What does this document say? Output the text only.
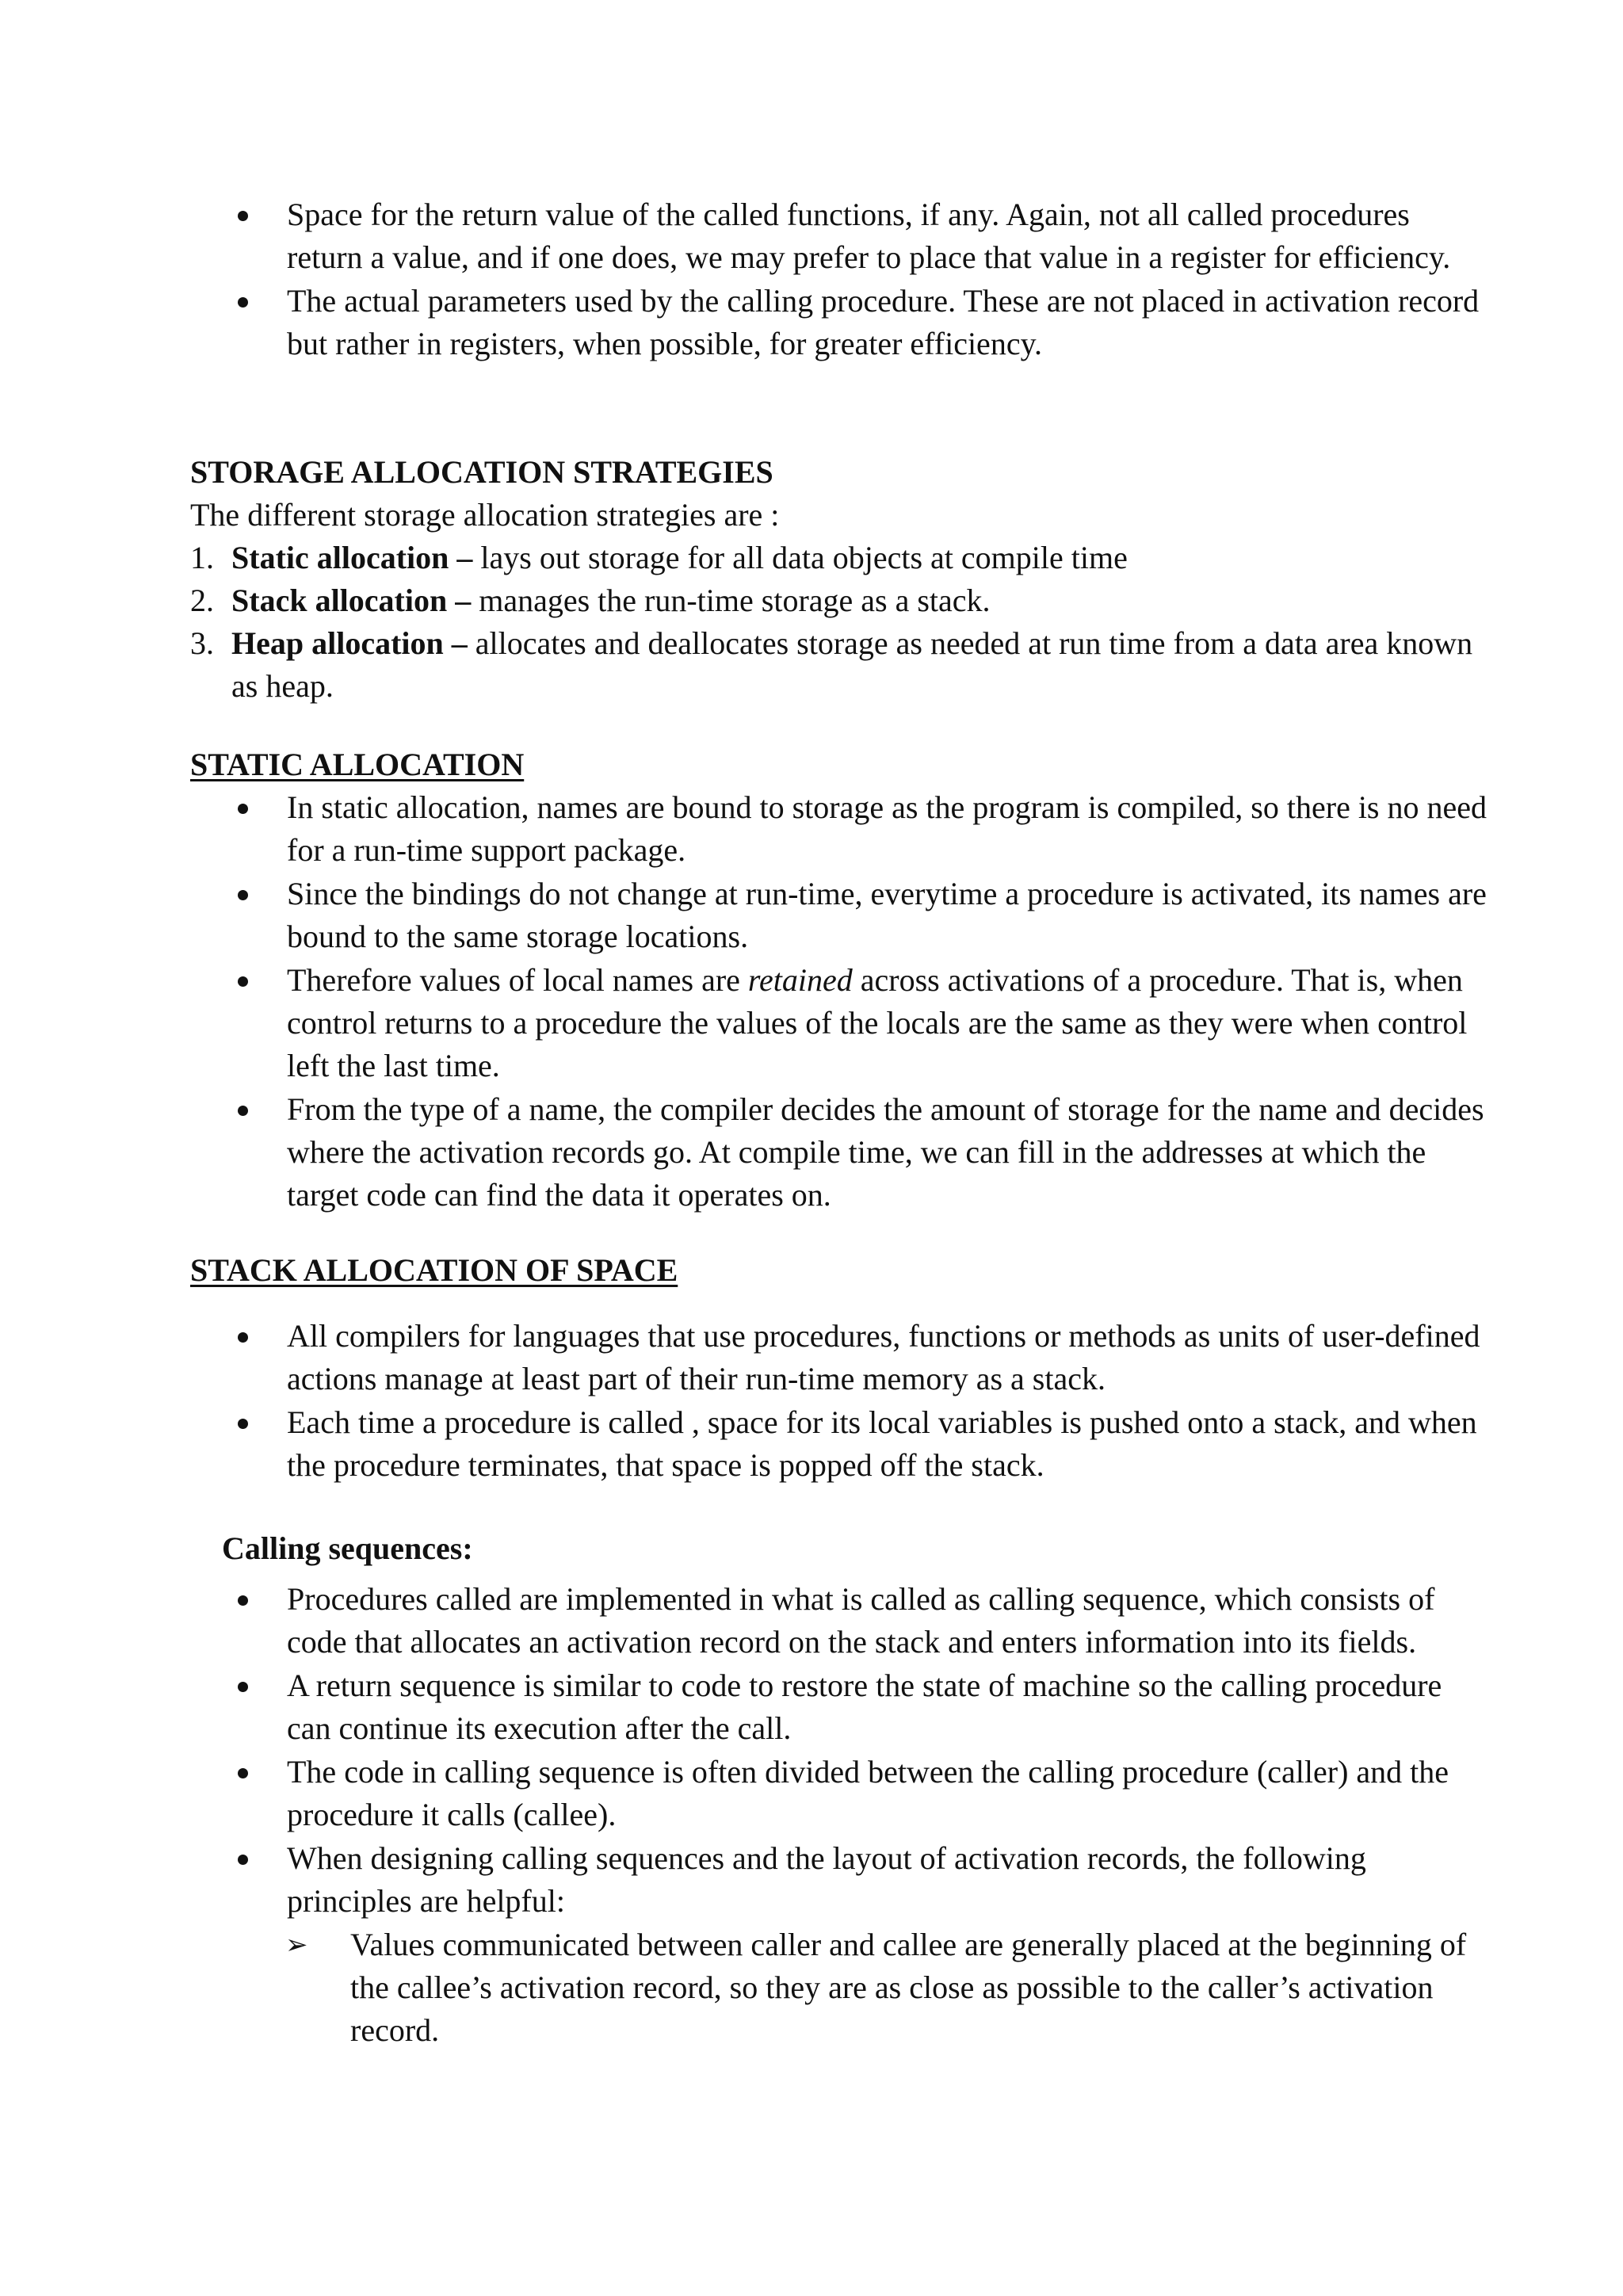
Space for the return value of the called functions, if any. Again, not all called procedures return a value, and if one does, we may prefer to place that value in a register for efficiency.
The actual parameters used by the calling procedure. These are not placed in activation record but rather in registers, when possible, for greater efficiency.
STORAGE ALLOCATION STRATEGIES

The different storage allocation strategies are :

1. Static allocation – lays out storage for all data objects at compile time
2. Stack allocation – manages the run-time storage as a stack.
3. Heap allocation – allocates and deallocates storage as needed at run time from a data area known as heap.
STATIC ALLOCATION
In static allocation, names are bound to storage as the program is compiled, so there is no need for a run-time support package.
Since the bindings do not change at run-time, everytime a procedure is activated, its names are bound to the same storage locations.
Therefore values of local names are retained across activations of a procedure. That is, when control returns to a procedure the values of the locals are the same as they were when control left the last time.
From the type of a name, the compiler decides the amount of storage for the name and decides where the activation records go. At compile time, we can fill in the addresses at which the target code can find the data it operates on.
STACK ALLOCATION OF SPACE
All compilers for languages that use procedures, functions or methods as units of user-defined actions manage at least part of their run-time memory as a stack.
Each time a procedure is called , space for its local variables is pushed onto a stack, and when the procedure terminates, that space is popped off the stack.
Calling sequences:
Procedures called are implemented in what is called as calling sequence, which consists of code that allocates an activation record on the stack and enters information into its fields.
A return sequence is similar to code to restore the state of machine so the calling procedure can continue its execution after the call.
The code in calling sequence is often divided between the calling procedure (caller) and the procedure it calls (callee).
When designing calling sequences and the layout of activation records, the following principles are helpful:
➢ Values communicated between caller and callee are generally placed at the beginning of the callee’s activation record, so they are as close as possible to the caller’s activation record.
